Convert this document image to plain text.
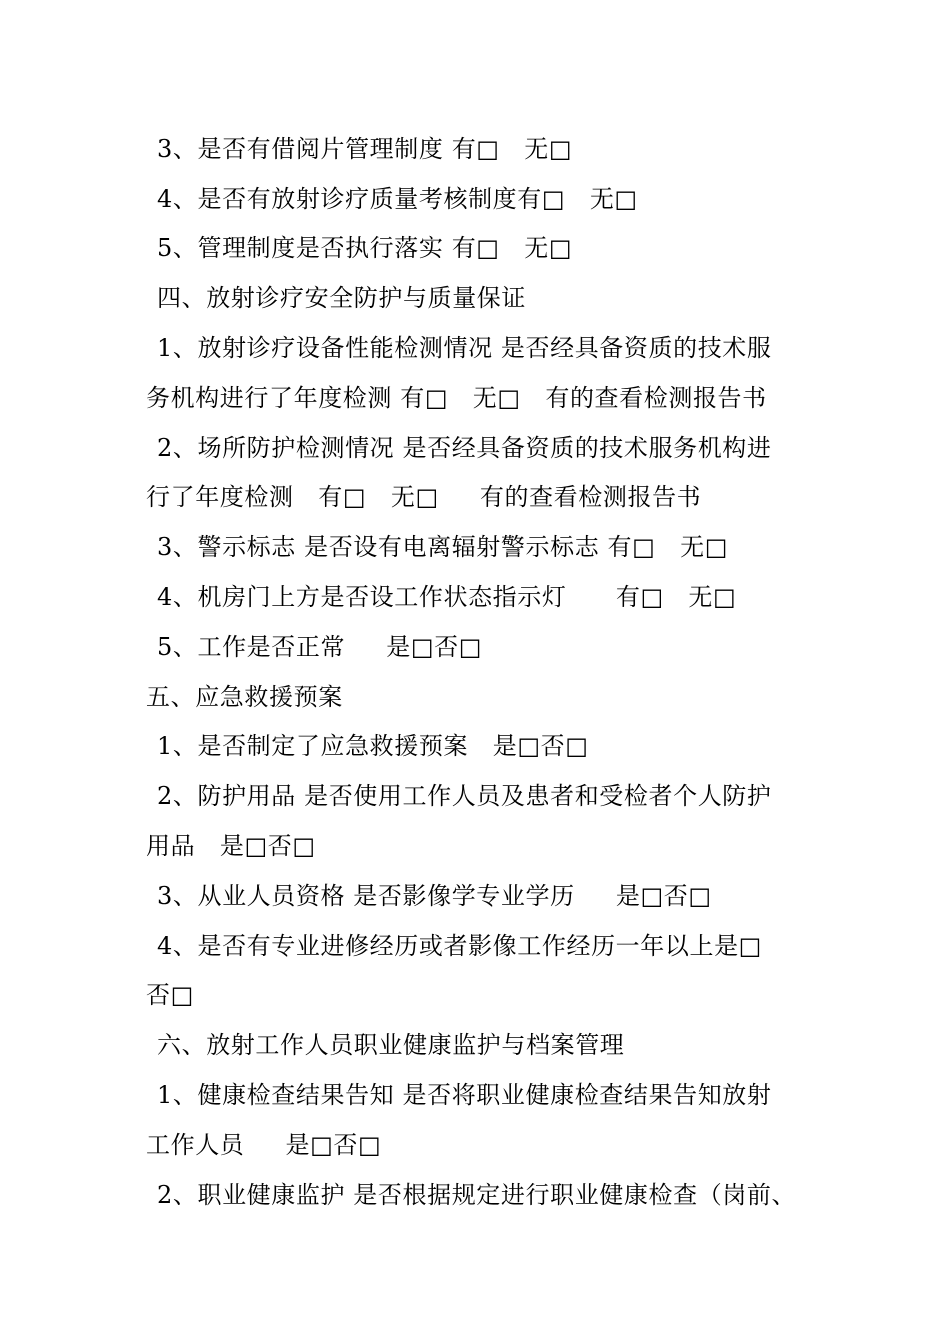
3、是否有借阅片管理制度 有□   无□
4、是否有放射诊疗质量考核制度有□   无□
5、管理制度是否执行落实 有□   无□
四、放射诊疗安全防护与质量保证
1、放射诊疗设备性能检测情况 是否经具备资质的技术服
务机构进行了年度检测 有□   无□   有的查看检测报告书
2、场所防护检测情况 是否经具备资质的技术服务机构进
行了年度检测   有□   无□     有的查看检测报告书
3、警示标志 是否设有电离辐射警示标志 有□   无□
4、机房门上方是否设工作状态指示灯      有□   无□
5、工作是否正常     是□否□
五、应急救援预案
1、是否制定了应急救援预案   是□否□
2、防护用品 是否使用工作人员及患者和受检者个人防护
用品   是□否□
3、从业人员资格 是否影像学专业学历     是□否□
4、是否有专业进修经历或者影像工作经历一年以上是□
否□
六、放射工作人员职业健康监护与档案管理
1、健康检查结果告知 是否将职业健康检查结果告知放射
工作人员     是□否□
2、职业健康监护 是否根据规定进行职业健康检查（岗前、
